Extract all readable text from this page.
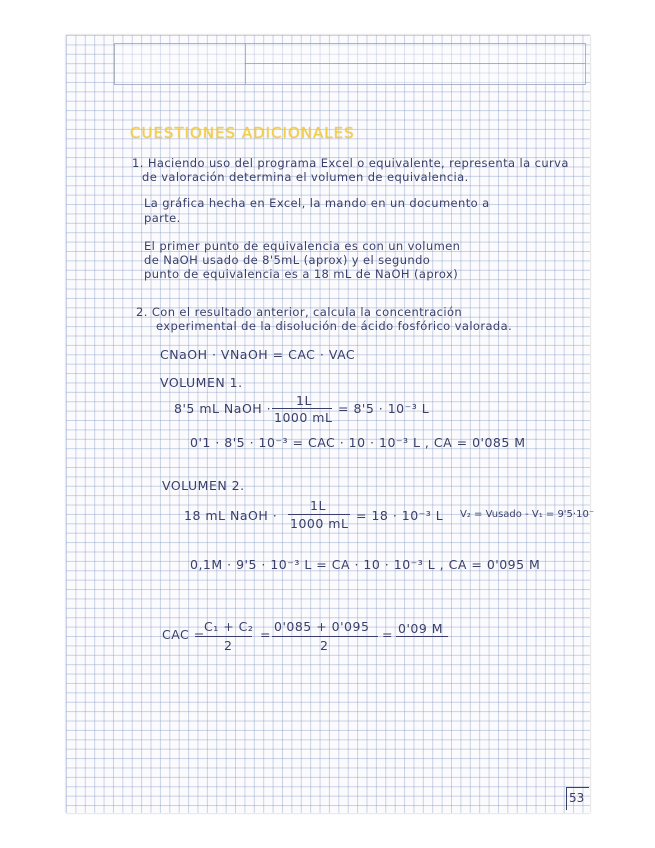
CUESTIONES ADICIONALES
1. Haciendo uso del programa Excel o equivalente, representa la curva
de valoración determina el volumen de equivalencia.
La gráfica hecha en Excel, la mando en un documento a
parte.
El primer punto de equivalencia es con un volumen
de NaOH usado de 8'5mL (aprox) y el segundo
punto de equivalencia es a 18 mL de NaOH (aprox)
2. Con el resultado anterior, calcula la concentración
experimental de la disolución de ácido fosfórico valorada.
CNaOH · VNaOH = CAC · VAC
VOLUMEN 1.
8'5 mL NaOH ·
1L
1000 mL
= 8'5 · 10⁻³ L
0'1 · 8'5 · 10⁻³ = CAC · 10 · 10⁻³ L , CA = 0'085 M
VOLUMEN 2.
18 mL NaOH ·
1L
1000 mL
= 18 · 10⁻³ L V₂ = Vusado - V₁ = 9'5·10⁻
0,1M · 9'5 · 10⁻³ L = CA · 10 · 10⁻³ L , CA = 0'095 M
CAC =
C₁ + C₂
2
=
0'085 + 0'095
2
= 0'09 M
53
